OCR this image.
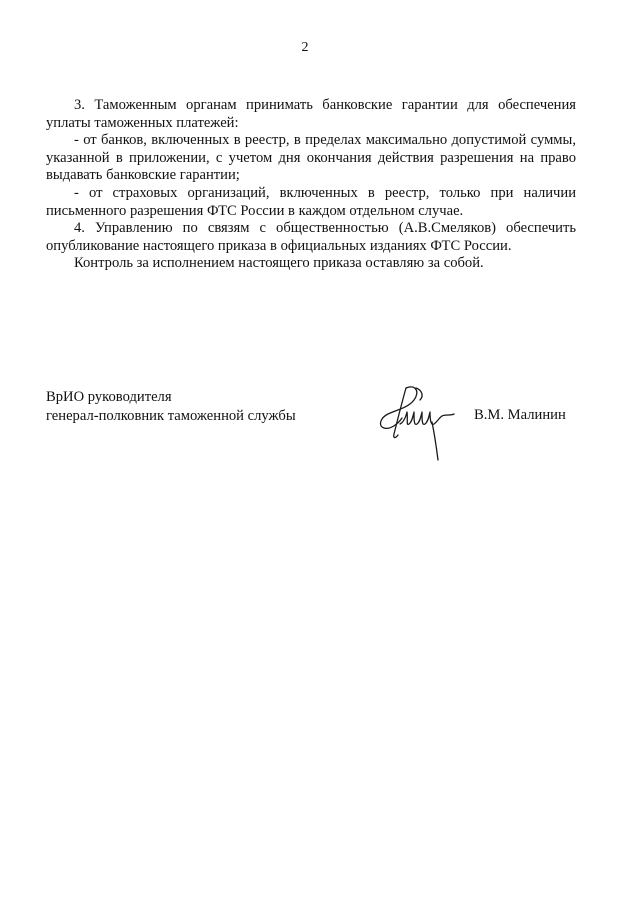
2

3. Таможенным органам принимать банковские гарантии для обеспечения уплаты таможенных платежей:

- от банков, включенных в реестр, в пределах максимально допустимой суммы, указанной в приложении, с учетом дня окончания действия разрешения на право выдавать банковские гарантии;

- от страховых организаций, включенных в реестр, только при наличии письменного разрешения ФТС России в каждом отдельном случае.

4. Управлению по связям с общественностью (А.В.Смеляков) обеспечить опубликование настоящего приказа в официальных изданиях ФТС России.

Контроль за исполнением настоящего приказа оставляю за собой.

ВрИО руководителя
генерал-полковник таможенной службы	В.М. Малинин
